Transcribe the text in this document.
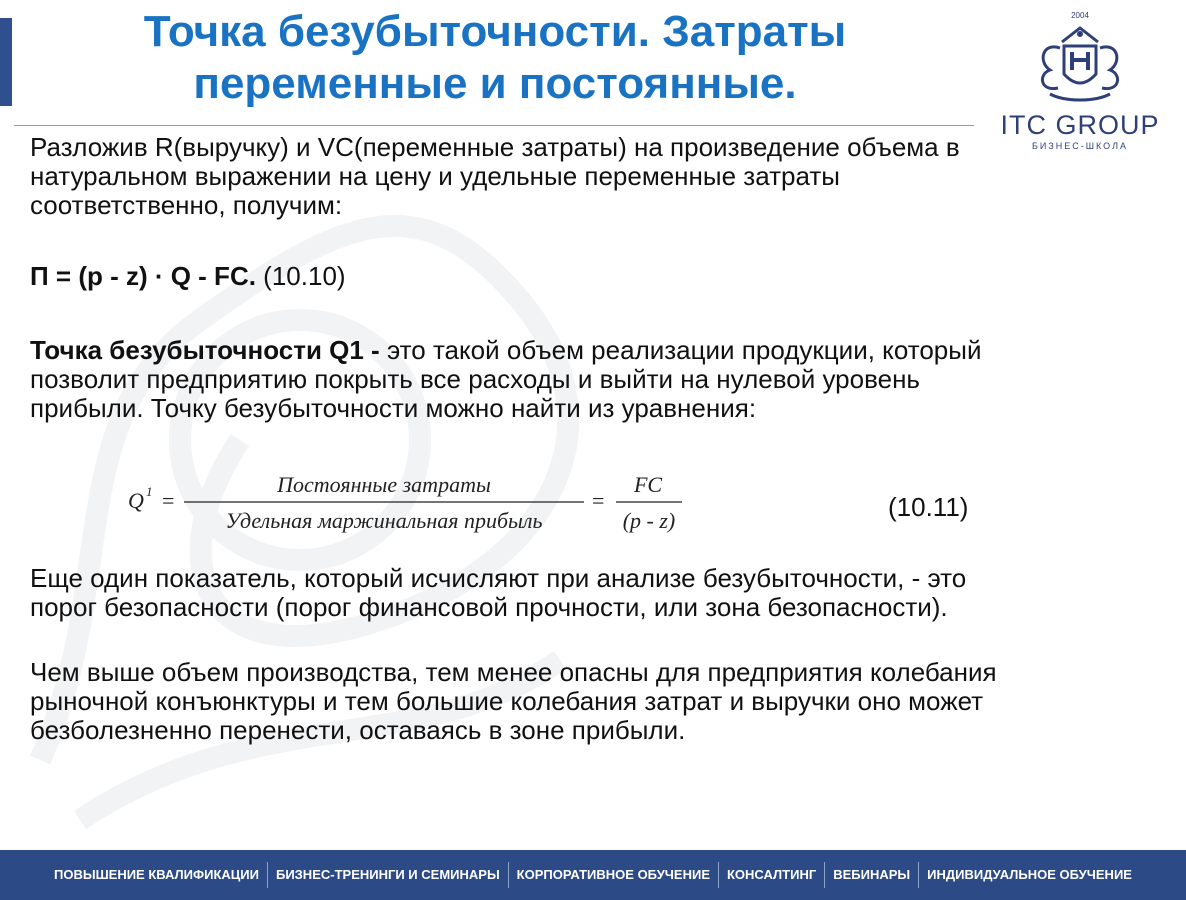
Точка безубыточности. Затраты
переменные и постоянные.
2004
ITC GROUP
БИЗНЕС-ШКОЛА

Разложив R(выручку) и VC(переменные затраты) на произведение объема в натуральном выражении на цену и удельные переменные затраты соответственно, получим:

П = (p - z) · Q - FC. (10.10)

Точка безубыточности Q1 - это такой объем реализации продукции, который позволит предприятию покрыть все расходы и выйти на нулевой уровень прибыли. Точку безубыточности можно найти из уравнения:

Q 1 =
Постоянные затраты
Удельная маржинальная прибыль
=
FC
(p - z)	(10.11)

Еще один показатель, который исчисляют при анализе безубыточности, - это порог безопасности (порог финансовой прочности, или зона безопасности).

Чем выше объем производства, тем менее опасны для предприятия колебания рыночной конъюнктуры и тем большие колебания затрат и выручки оно может безболезненно перенести, оставаясь в зоне прибыли.

ПОВЫШЕНИЕ КВАЛИФИКАЦИИ	БИЗНЕС-ТРЕНИНГИ И СЕМИНАРЫ	КОРПОРАТИВНОЕ ОБУЧЕНИЕ	КОНСАЛТИНГ	ВЕБИНАРЫ	ИНДИВИДУАЛЬНОЕ ОБУЧЕНИЕ
